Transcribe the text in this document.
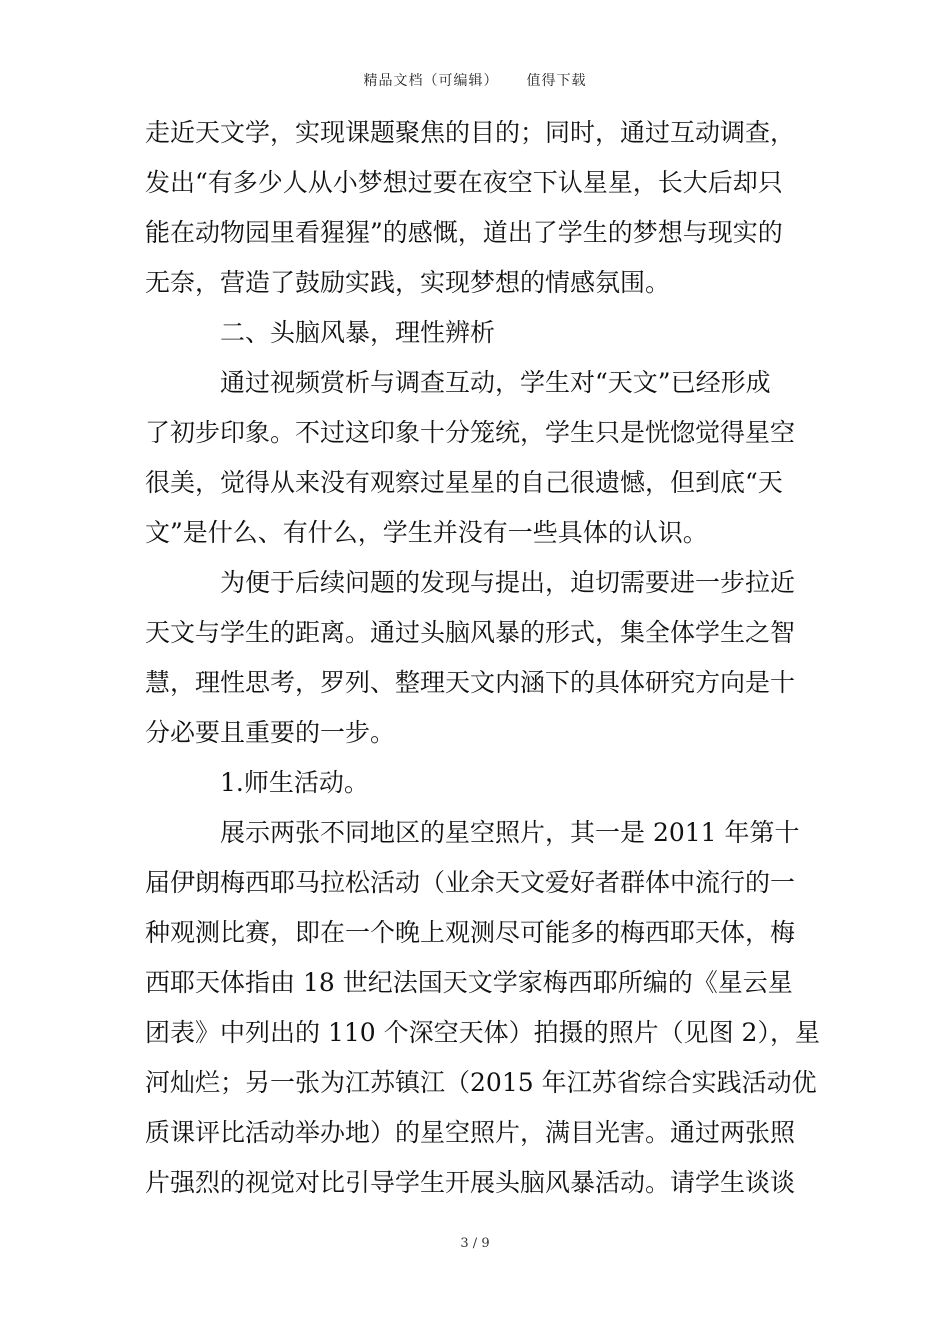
精品文档（可编辑） 值得下载
走近天文学，实现课题聚焦的目的；同时，通过互动调查，
发出“有多少人从小梦想过要在夜空下认星星，长大后却只
能在动物园里看猩猩”的感慨，道出了学生的梦想与现实的
无奈，营造了鼓励实践，实现梦想的情感氛围。
二、头脑风暴，理性辨析
通过视频赏析与调查互动，学生对“天文”已经形成
了初步印象。不过这印象十分笼统，学生只是恍惚觉得星空
很美，觉得从来没有观察过星星的自己很遗憾，但到底“天
文”是什么、有什么，学生并没有一些具体的认识。
为便于后续问题的发现与提出，迫切需要进一步拉近
天文与学生的距离。通过头脑风暴的形式，集全体学生之智
慧，理性思考，罗列、整理天文内涵下的具体研究方向是十
分必要且重要的一步。
1.师生活动。
展示两张不同地区的星空照片，其一是 2011 年第十
届伊朗梅西耶马拉松活动（业余天文爱好者群体中流行的一
种观测比赛，即在一个晚上观测尽可能多的梅西耶天体，梅
西耶天体指由 18 世纪法国天文学家梅西耶所编的《星云星
团表》中列出的 110 个深空天体）拍摄的照片（见图 2），星
河灿烂；另一张为江苏镇江（2015 年江苏省综合实践活动优
质课评比活动举办地）的星空照片，满目光害。通过两张照
片强烈的视觉对比引导学生开展头脑风暴活动。请学生谈谈
3 / 9
